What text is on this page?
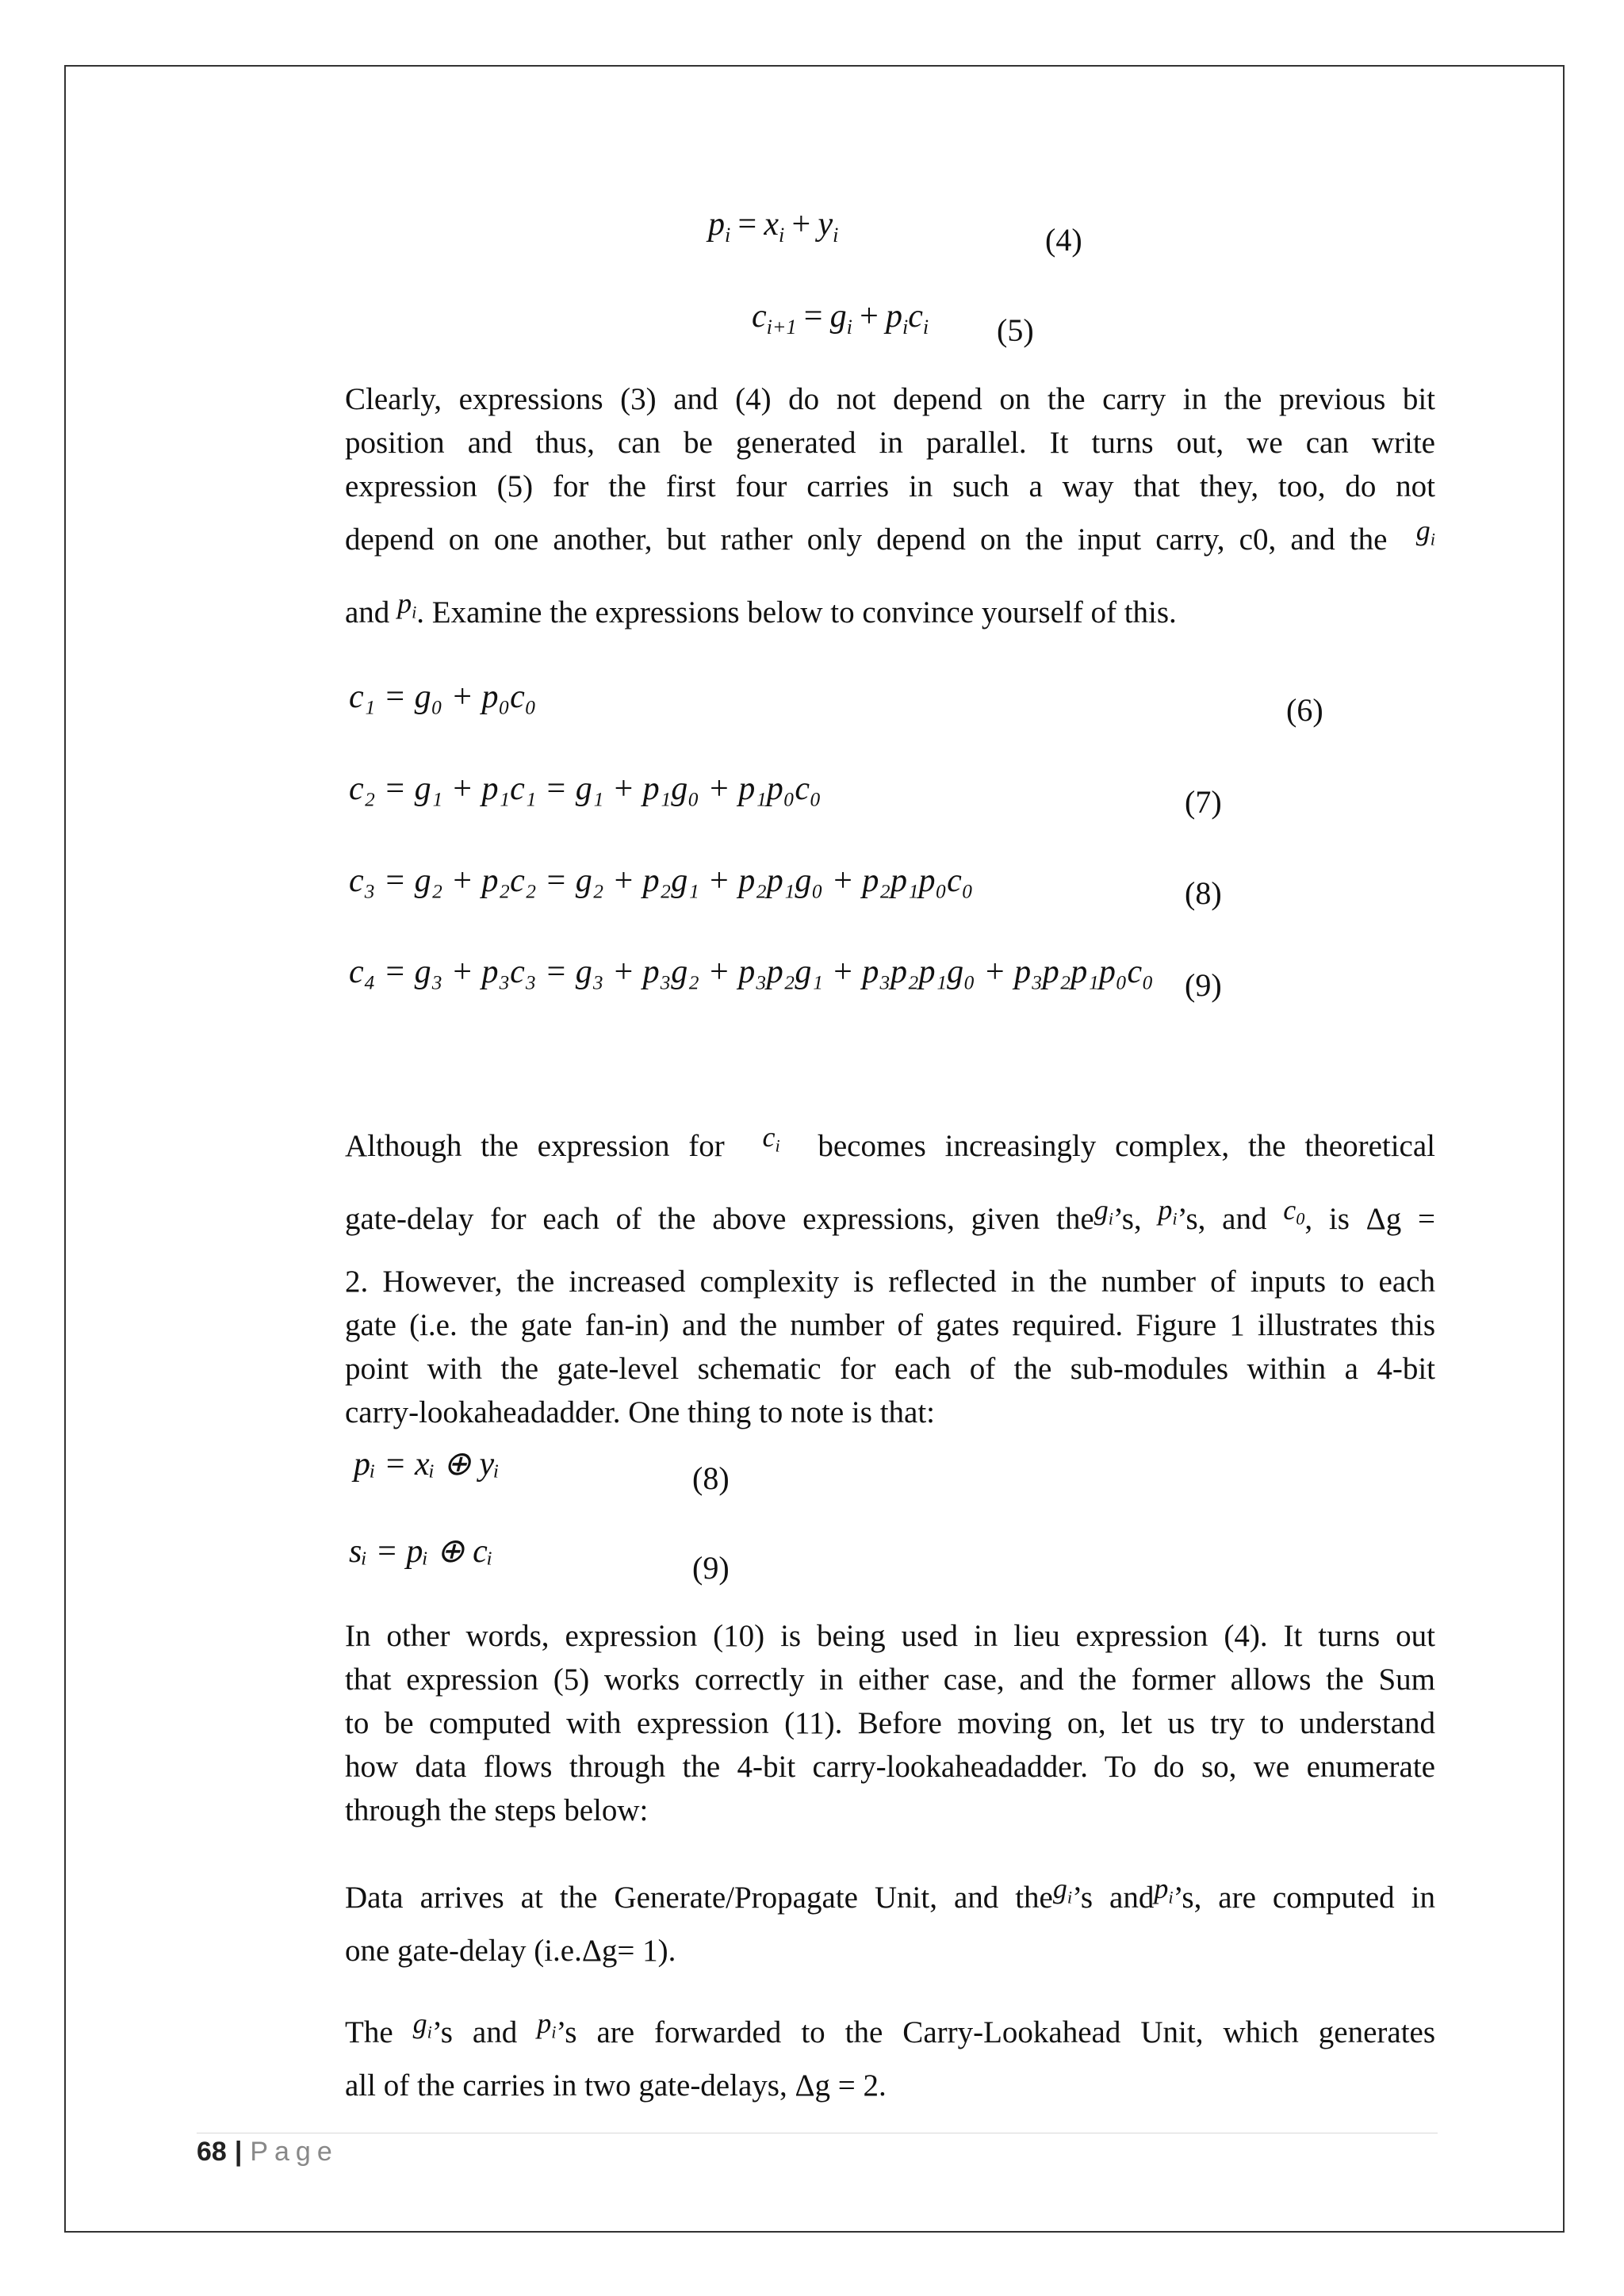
$p_i = x_i + y_i$	(4)
$c_{i+1} = g_i + p_ic_i$ (5)
Clearly, expressions (3) and (4) do not depend on the carry in the previous bit
position and thus, can be generated in parallel. It turns out, we can write
expression (5) for the first four carries in such a way that they, too, do not
depend on one another, but rather only depend on the input carry, c0, and the $g_i$
and $p_i$. Examine the expressions below to convince yourself of this.
c₁ = g₀ + p₀c₀	(6)
c₂ = g₁ + p₁c₁ = g₁ + p₁g₀ + p₁p₀c₀	(7)
c₃ = g₂ + p₂c₂ = g₂ + p₂g₁ + p₂p₁g₀ + p₂p₁p₀c₀	(8)
c₄ = g₃ + p₃c₃ = g₃ + p₃g₂ + p₃p₂g₁ + p₃p₂p₁g₀ + p₃p₂p₁p₀c₀ (9)
Although the expression for $c_i$ becomes increasingly complex, the theoretical
gate-delay for each of the above expressions, given theg$_i$’s, $p_i’s$, and $c_0$, is Δg =
2. However, the increased complexity is reflected in the number of inputs to each
gate (i.e. the gate fan-in) and the number of gates required. Figure 1 illustrates this
point with the gate-level schematic for each of the sub-modules within a 4-bit
carry-lookaheadadder. One thing to note is that:
pᵢ = xᵢ ⊕ yᵢ	(8)
sᵢ = pᵢ ⊕ cᵢ	(9)
In other words, expression (10) is being used in lieu expression (4). It turns out
that expression (5) works correctly in either case, and the former allows the Sum
to be computed with expression (11). Before moving on, let us try to understand
how data flows through the 4-bit carry-lookaheadadder. To do so, we enumerate
through the steps below:
Data arrives at the Generate/Propagate Unit, and theg$_i$’s andp$_i$’s, are computed in
one gate-delay (i.e.Δg= 1).
The $g_i’s$ and $p_i’s$ are forwarded to the Carry-Lookahead Unit, which generates
all of the carries in two gate-delays, Δg = 2.
68 | Page
